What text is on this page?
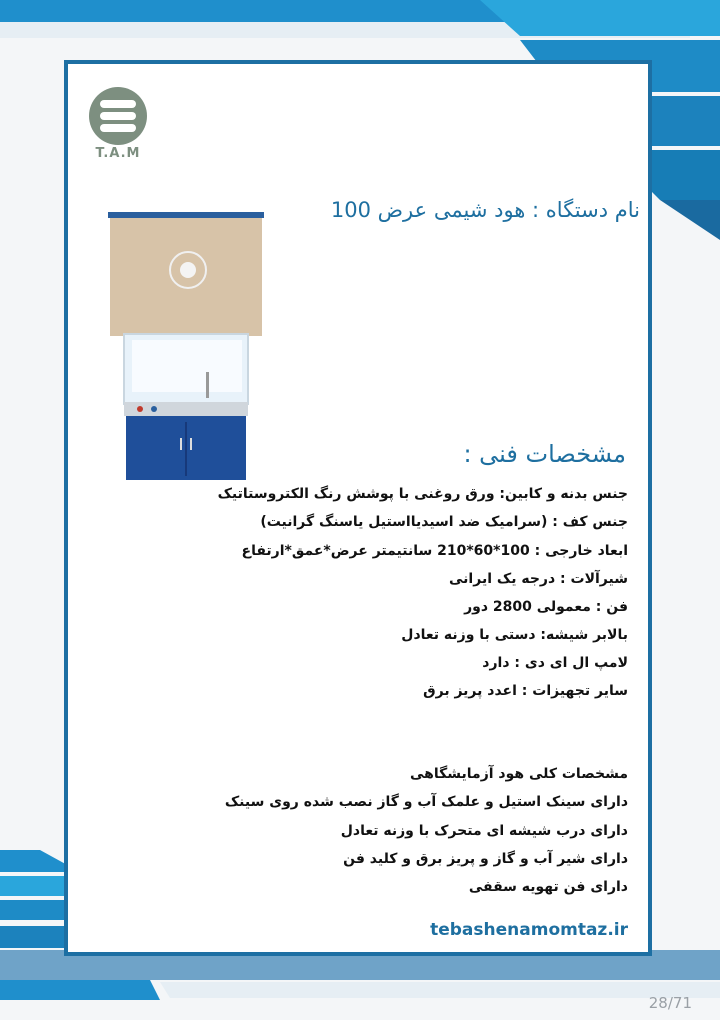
T.A.M
نام دستگاه : هود شیمی عرض 100
مشخصات فنی :
جنس بدنه و کابین: ورق روغنی با پوشش رنگ الکتروستاتیک
جنس کف : (سرامیک ضد اسیدیااستیل یاسنگ گرانیت)
ابعاد خارجی : 100*60*210 سانتیمتر عرض*عمق*ارتفاع
شیرآلات : درجه یک ایرانی
فن : معمولی 2800 دور
بالابر شیشه: دستی با وزنه تعادل
لامپ ال ای دی : دارد
سایر تجهیزات : اعدد پریز برق
مشخصات کلی هود آزمایشگاهی
دارای سینک استیل و علمک آب و گاز نصب شده روی سینک
دارای درب شیشه ای متحرک با وزنه تعادل
دارای شیر آب و گاز و پریز برق و کلید فن
دارای فن تهویه سقفی
tebashenamomtaz.ir
28/71
